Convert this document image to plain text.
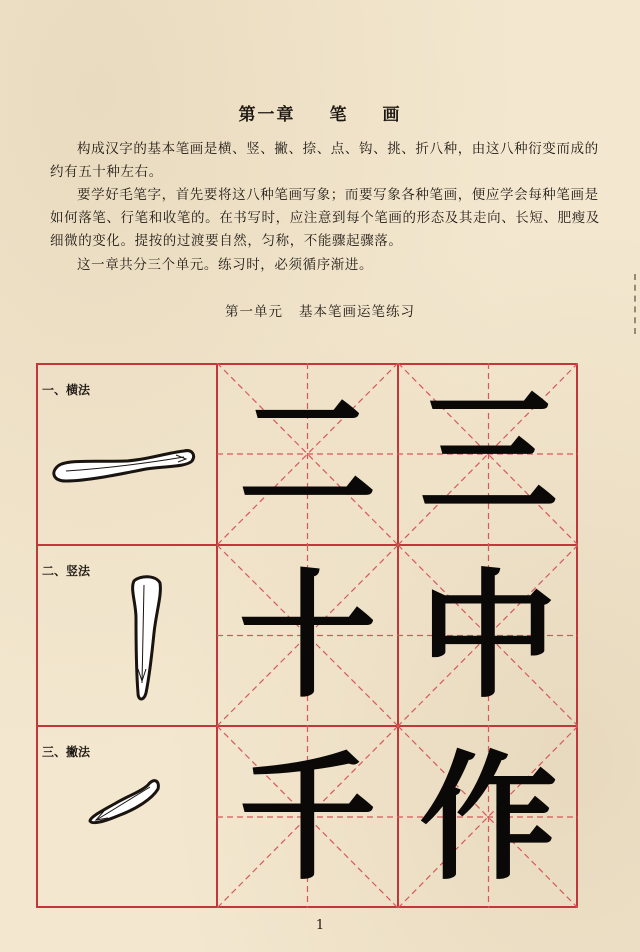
第一章 笔 画
构成汉字的基本笔画是横、竖、撇、捺、点、钩、挑、折八种，由这八种衍变而成的约有五十种左右。
要学好毛笔字，首先要将这八种笔画写象；而要写象各种笔画，便应学会每种笔画是如何落笔、行笔和收笔的。在书写时，应注意到每个笔画的形态及其走向、长短、肥瘦及细微的变化。提按的过渡要自然，匀称，不能骤起骤落。
这一章共分三个单元。练习时，必须循序渐进。
第一单元 基本笔画运笔练习
一、横法
二、竖法
三、撇法
二 三
十 中
千 作
1
